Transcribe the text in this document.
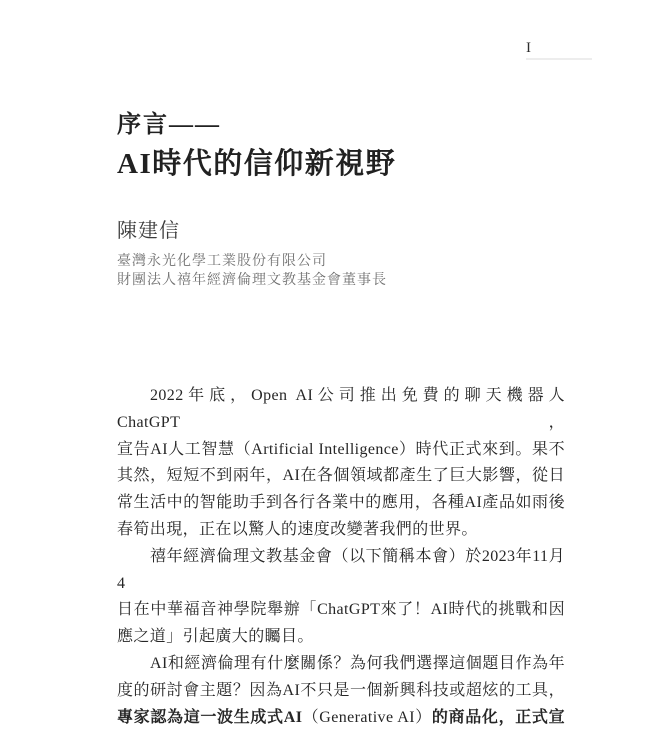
I
序言——
AI時代的信仰新視野
陳建信
臺灣永光化學工業股份有限公司
財團法人禧年經濟倫理文教基金會董事長
2022年底，Open AI公司推出免費的聊天機器人ChatGPT，
宣告AI人工智慧（Artificial Intelligence）時代正式來到。果不
其然，短短不到兩年，AI在各個領域都產生了巨大影響，從日
常生活中的智能助手到各行各業中的應用，各種AI產品如雨後
春筍出現，正在以驚人的速度改變著我們的世界。
禧年經濟倫理文教基金會（以下簡稱本會）於2023年11月4
日在中華福音神學院舉辦「ChatGPT來了！AI時代的挑戰和因
應之道」引起廣大的矚目。
AI和經濟倫理有什麼關係？為何我們選擇這個題目作為年
度的研討會主題？因為AI不只是一個新興科技或超炫的工具，
專家認為這一波生成式AI（Generative AI）的商品化，正式宣
